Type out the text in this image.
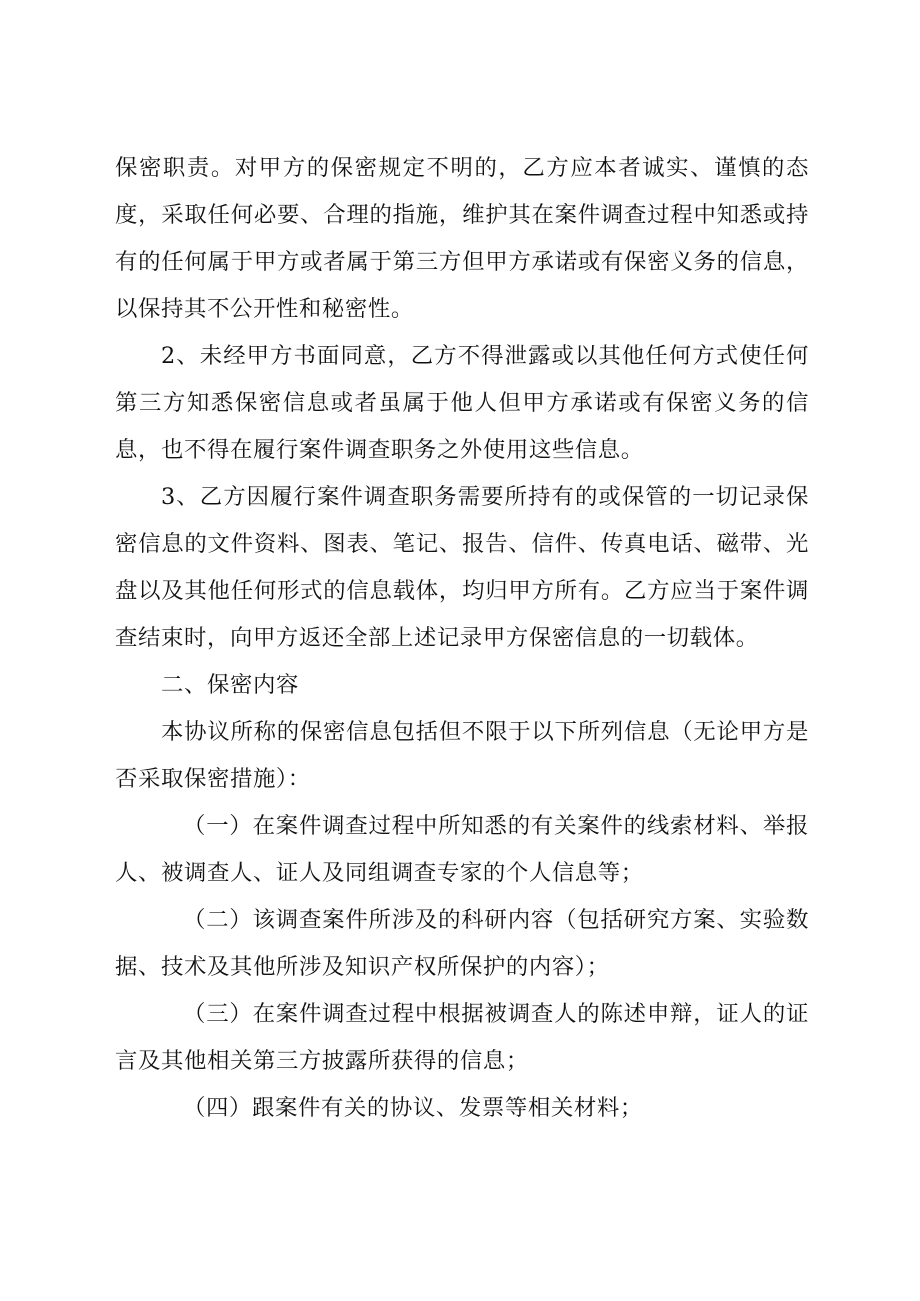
保密职责。对甲方的保密规定不明的，乙方应本者诚实、谨慎的态度，采取任何必要、合理的指施，维护其在案件调查过程中知悉或持有的任何属于甲方或者属于第三方但甲方承诺或有保密义务的信息，以保持其不公开性和秘密性。

2、未经甲方书面同意，乙方不得泄露或以其他任何方式使任何第三方知悉保密信息或者虽属于他人但甲方承诺或有保密义务的信息，也不得在履行案件调查职务之外使用这些信息。

3、乙方因履行案件调查职务需要所持有的或保管的一切记录保密信息的文件资料、图表、笔记、报告、信件、传真电话、磁带、光盘以及其他任何形式的信息载体，均归甲方所有。乙方应当于案件调查结束时，向甲方返还全部上述记录甲方保密信息的一切载体。

二、保密内容

本协议所称的保密信息包括但不限于以下所列信息（无论甲方是否采取保密措施）：

（一）在案件调查过程中所知悉的有关案件的线索材料、举报人、被调查人、证人及同组调查专家的个人信息等；

（二）该调查案件所涉及的科研内容（包括研究方案、实验数据、技术及其他所涉及知识产权所保护的内容）；

（三）在案件调查过程中根据被调查人的陈述申辩，证人的证言及其他相关第三方披露所获得的信息；

（四）跟案件有关的协议、发票等相关材料；
